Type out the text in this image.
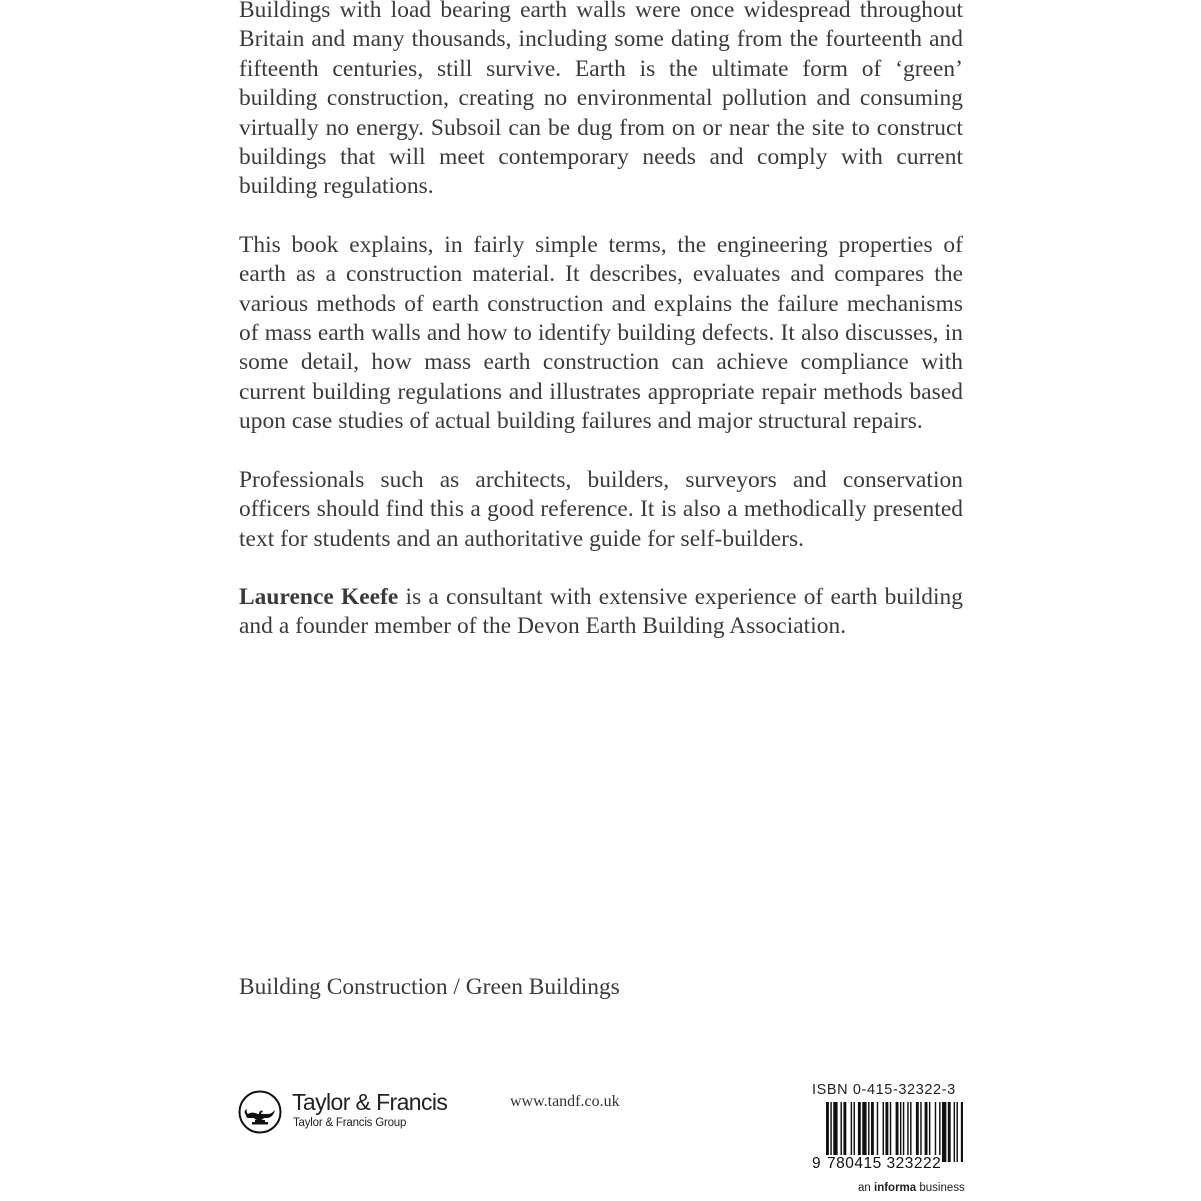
Buildings with load bearing earth walls were once widespread throughout Britain and many thousands, including some dating from the fourteenth and fifteenth centuries, still survive. Earth is the ultimate form of ‘green’ building construction, creating no environmental pollution and consuming virtually no energy. Subsoil can be dug from on or near the site to construct buildings that will meet contemporary needs and comply with current building regulations.

This book explains, in fairly simple terms, the engineering properties of earth as a construction material. It describes, evaluates and compares the various methods of earth construction and explains the failure mechanisms of mass earth walls and how to identify building defects. It also discusses, in some detail, how mass earth construction can achieve compliance with current building regulations and illustrates appropriate repair methods based upon case studies of actual building failures and major structural repairs.

Professionals such as architects, builders, surveyors and conservation officers should find this a good reference. It is also a methodically presented text for students and an authoritative guide for self-builders.

Laurence Keefe is a consultant with extensive experience of earth building and a founder member of the Devon Earth Building Association.

Building Construction / Green Buildings
Taylor & Francis
Taylor & Francis Group
www.tandf.co.uk
ISBN 0-415-32322-3
9 780415 323222
an informa business
